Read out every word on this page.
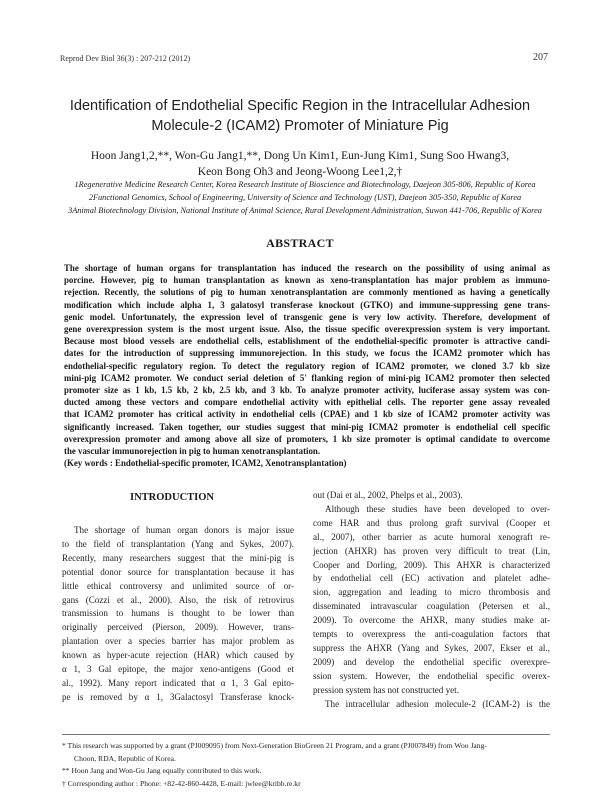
Reprod Dev Biol 36(3) : 207-212 (2012)	207
Identification of Endothelial Specific Region in the Intracellular Adhesion
Molecule-2 (ICAM2) Promoter of Miniature Pig
Hoon Jang1,2,**, Won-Gu Jang1,**, Dong Un Kim1, Eun-Jung Kim1, Sung Soo Hwang3,
Keon Bong Oh3 and Jeong-Woong Lee1,2,†
1Regenerative Medicine Research Center, Korea Research Institute of Bioscience and Biotechnology, Daejeon 305-806, Republic of Korea
2Functional Genomics, School of Engineering, University of Science and Technology (UST), Daejeon 305-350, Republic of Korea
3Animal Biotechnology Division, National Institute of Animal Science, Rural Development Administration, Suwon 441-706, Republic of Korea
ABSTRACT
The shortage of human organs for transplantation has induced the research on the possibility of using animal as
porcine. However, pig to human transplantation as known as xeno-transplantation has major problem as immuno-
rejection. Recently, the solutions of pig to human xenotransplantation are commonly mentioned as having a genetically
modification which include alpha 1, 3 galatosyl transferase knockout (GTKO) and immune-suppressing gene trans-
genic model. Unfortunately, the expression level of transgenic gene is very low activity. Therefore, development of
gene overexpression system is the most urgent issue. Also, the tissue specific overexpression system is very important.
Because most blood vessels are endothelial cells, establishment of the endothelial-specific promoter is attractive candi-
dates for the introduction of suppressing immunorejection. In this study, we focus the ICAM2 promoter which has
endothelial-specific regulatory region. To detect the regulatory region of ICAM2 promoter, we cloned 3.7 kb size
mini-pig ICAM2 promoter. We conduct serial deletion of 5' flanking region of mini-pig ICAM2 promoter then selected
promoter size as 1 kb, 1.5 kb, 2 kb, 2.5 kb, and 3 kb. To analyze promoter activity, luciferase assay system was con-
ducted among these vectors and compare endothelial activity with epithelial cells. The reporter gene assay revealed
that ICAM2 promoter has critical activity in endothelial cells (CPAE) and 1 kb size of ICAM2 promoter activity was
significantly increased. Taken together, our studies suggest that mini-pig ICMA2 promoter is endothelial cell specific
overexpression promoter and among above all size of promoters, 1 kb size promoter is optimal candidate to overcome
the vascular immunorejection in pig to human xenotransplantation.
(Key words : Endothelial-specific promoter, ICAM2, Xenotransplantation)
INTRODUCTION
The shortage of human organ donors is major issue
to the field of transplantation (Yang and Sykes, 2007).
Recently, many researchers suggest that the mini-pig is
potential donor source for transplantation because it has
little ethical controversy and unlimited source of or-
gans (Cozzi et al., 2000). Also, the risk of retrovirus
transmission to humans is thought to be lower than
originally perceived (Pierson, 2009). However, trans-
plantation over a species barrier has major problem as
known as hyper-acute rejection (HAR) which caused by
α 1, 3 Gal epitope, the major xeno-antigens (Good et
al., 1992). Many report indicated that α 1, 3 Gal epito-
pe is removed by α 1, 3Galactosyl Transferase knock-
out (Dai et al., 2002, Phelps et al., 2003).
Although these studies have been developed to over-
come HAR and thus prolong graft survival (Cooper et
al., 2007), other barrier as acute humoral xenograft re-
jection (AHXR) has proven very difficult to treat (Lin,
Cooper and Dorling, 2009). This AHXR is characterized
by endothelial cell (EC) activation and platelet adhe-
sion, aggregation and leading to micro thrombosis and
disseminated intravascular coagulation (Petersen et al.,
2009). To overcome the AHXR, many studies make at-
tempts to overexpress the anti-coagulation factors that
suppress the AHXR (Yang and Sykes, 2007, Ekser et al.,
2009) and develop the endothelial specific overexpre-
ssion system. However, the endothelial specific overex-
pression system has not constructed yet.
The intracellular adhesion molecule-2 (ICAM-2) is the
* This research was supported by a grant (PJ009095) from Next-Generation BioGreen 21 Program, and a grant (PJ007849) from Woo Jang-
Choon, RDA, Republic of Korea.
** Hoon Jang and Won-Gu Jang equally contributed to this work.
† Corresponding author : Phone: +82-42-860-4428, E-mail: jwlee@kribb.re.kr
